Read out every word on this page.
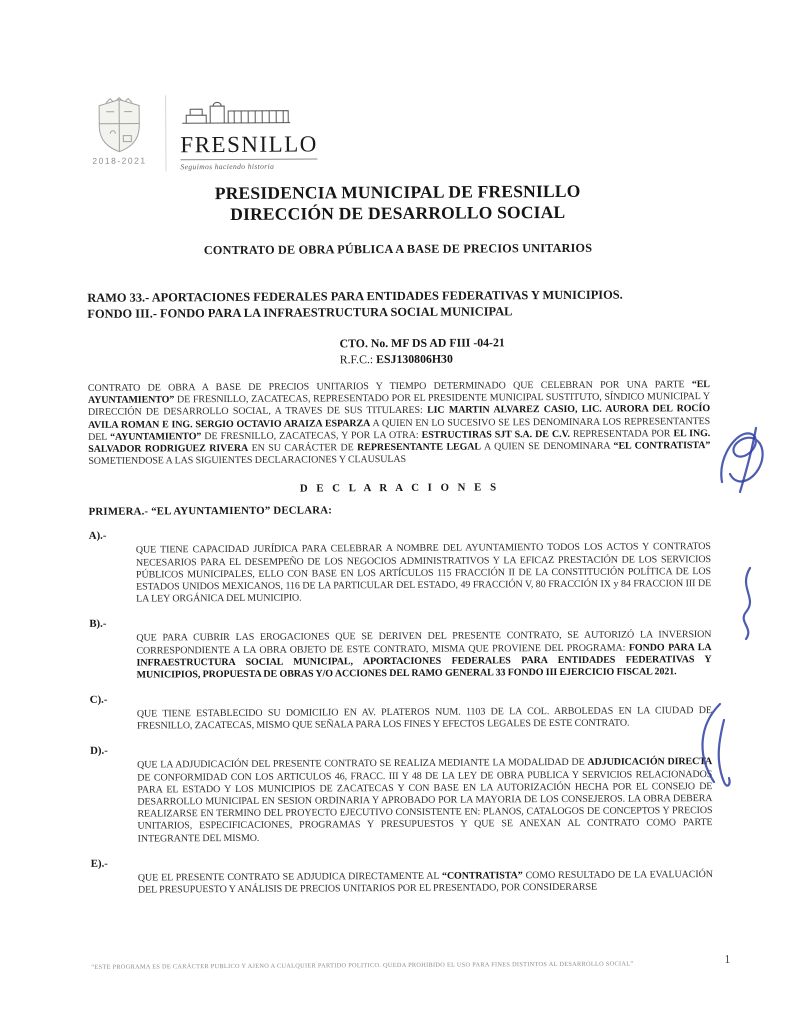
2018-2021
FRESNILLO
Seguimos haciendo historia
PRESIDENCIA MUNICIPAL DE FRESNILLO
DIRECCIÓN DE DESARROLLO SOCIAL
CONTRATO DE OBRA PÚBLICA A BASE DE PRECIOS UNITARIOS
RAMO 33.- APORTACIONES FEDERALES PARA ENTIDADES FEDERATIVAS Y MUNICIPIOS.
FONDO III.- FONDO PARA LA INFRAESTRUCTURA SOCIAL MUNICIPAL
CTO. No. MF DS AD FIII -04-21
R.F.C.: ESJ130806H30

CONTRATO DE OBRA A BASE DE PRECIOS UNITARIOS Y TIEMPO DETERMINADO QUE CELEBRAN POR UNA PARTE “EL AYUNTAMIENTO” DE FRESNILLO, ZACATECAS, REPRESENTADO POR EL PRESIDENTE MUNICIPAL SUSTITUTO, SÍNDICO MUNICIPAL Y DIRECCIÓN DE DESARROLLO SOCIAL, A TRAVES DE SUS TITULARES: LIC MARTIN ALVAREZ CASIO, LIC. AURORA DEL ROCÍO AVILA ROMAN E ING. SERGIO OCTAVIO ARAIZA ESPARZA A QUIEN EN LO SUCESIVO SE LES DENOMINARA LOS REPRESENTANTES DEL “AYUNTAMIENTO” DE FRESNILLO, ZACATECAS, Y POR LA OTRA: ESTRUCTIRAS SJT S.A. DE C.V. REPRESENTADA POR EL ING. SALVADOR RODRIGUEZ RIVERA EN SU CARÁCTER DE REPRESENTANTE LEGAL A QUIEN SE DENOMINARA “EL CONTRATISTA” SOMETIENDOSE A LAS SIGUIENTES DECLARACIONES Y CLAUSULAS

D E C L A R A C I O N E S
PRIMERA.- “EL AYUNTAMIENTO” DECLARA:
A).-

QUE TIENE CAPACIDAD JURÍDICA PARA CELEBRAR A NOMBRE DEL AYUNTAMIENTO TODOS LOS ACTOS Y CONTRATOS NECESARIOS PARA EL DESEMPEÑO DE LOS NEGOCIOS ADMINISTRATIVOS Y LA EFICAZ PRESTACIÓN DE LOS SERVICIOS PÚBLICOS MUNICIPALES, ELLO CON BASE EN LOS ARTÍCULOS 115 FRACCIÓN II DE LA CONSTITUCIÓN POLÍTICA DE LOS ESTADOS UNIDOS MEXICANOS, 116 DE LA PARTICULAR DEL ESTADO, 49 FRACCIÓN V, 80 FRACCIÓN IX y 84 FRACCION III DE LA LEY ORGÁNICA DEL MUNICIPIO.

B).-

QUE PARA CUBRIR LAS EROGACIONES QUE SE DERIVEN DEL PRESENTE CONTRATO, SE AUTORIZÓ LA INVERSION CORRESPONDIENTE A LA OBRA OBJETO DE ESTE CONTRATO, MISMA QUE PROVIENE DEL PROGRAMA: FONDO PARA LA INFRAESTRUCTURA SOCIAL MUNICIPAL, APORTACIONES FEDERALES PARA ENTIDADES FEDERATIVAS Y MUNICIPIOS, PROPUESTA DE OBRAS Y/O ACCIONES DEL RAMO GENERAL 33 FONDO III EJERCICIO FISCAL 2021.

C).-

QUE TIENE ESTABLECIDO SU DOMICILIO EN AV. PLATEROS NUM. 1103 DE LA COL. ARBOLEDAS EN LA CIUDAD DE FRESNILLO, ZACATECAS, MISMO QUE SEÑALA PARA LOS FINES Y EFECTOS LEGALES DE ESTE CONTRATO.

D).-

QUE LA ADJUDICACIÓN DEL PRESENTE CONTRATO SE REALIZA MEDIANTE LA MODALIDAD DE ADJUDICACIÓN DIRECTA DE CONFORMIDAD CON LOS ARTICULOS 46, FRACC. III Y 48 DE LA LEY DE OBRA PUBLICA Y SERVICIOS RELACIONADOS PARA EL ESTADO Y LOS MUNICIPIOS DE ZACATECAS Y CON BASE EN LA AUTORIZACIÓN HECHA POR EL CONSEJO DE DESARROLLO MUNICIPAL EN SESION ORDINARIA Y APROBADO POR LA MAYORIA DE LOS CONSEJEROS. LA OBRA DEBERA REALIZARSE EN TERMINO DEL PROYECTO EJECUTIVO CONSISTENTE EN: PLANOS, CATALOGOS DE CONCEPTOS Y PRECIOS UNITARIOS, ESPECIFICACIONES, PROGRAMAS Y PRESUPUESTOS Y QUE SE ANEXAN AL CONTRATO COMO PARTE INTEGRANTE DEL MISMO.

E).-

QUE EL PRESENTE CONTRATO SE ADJUDICA DIRECTAMENTE AL “CONTRATISTA” COMO RESULTADO DE LA EVALUACIÓN DEL PRESUPUESTO Y ANÁLISIS DE PRECIOS UNITARIOS POR EL PRESENTADO, POR CONSIDERARSE

“ESTE PROGRAMA ES DE CARÁCTER PUBLICO Y AJENO A CUALQUIER PARTIDO POLITICO. QUEDA PROHIBIDO EL USO PARA FINES DISTINTOS AL DESARROLLO SOCIAL”	1
